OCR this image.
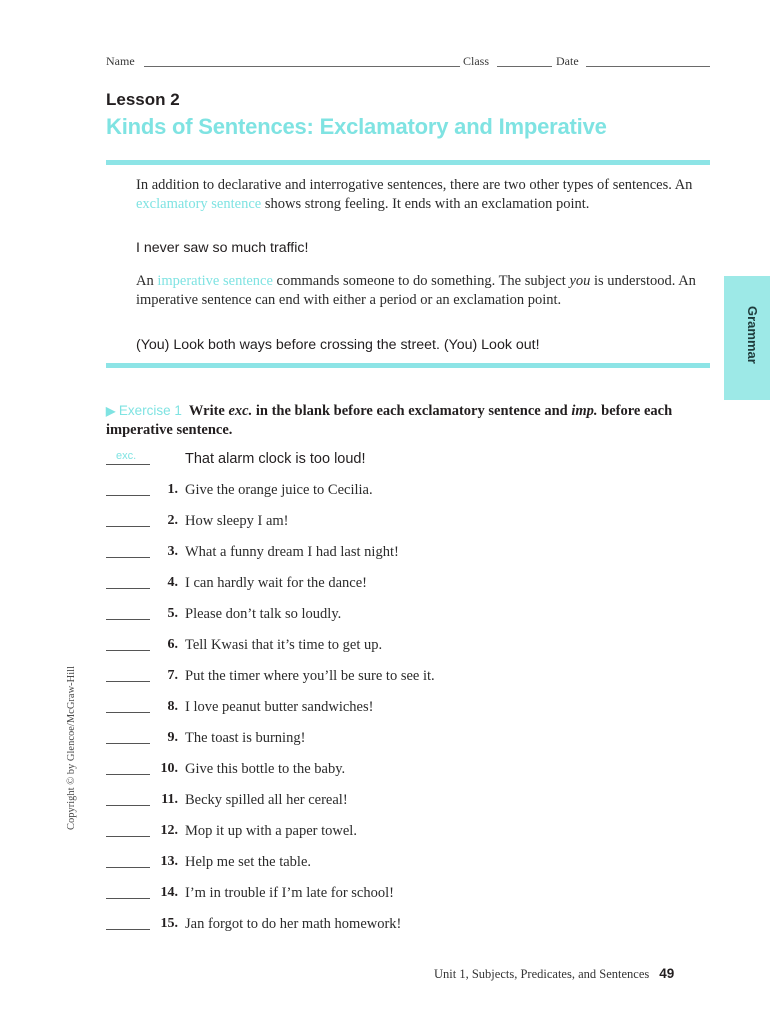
Name	Class	Date
Lesson 2
Kinds of Sentences: Exclamatory and Imperative
In addition to declarative and interrogative sentences, there are two other types of sentences. An exclamatory sentence shows strong feeling. It ends with an exclamation point.
I never saw so much traffic!
An imperative sentence commands someone to do something. The subject you is understood. An imperative sentence can end with either a period or an exclamation point.
(You) Look both ways before crossing the street. (You) Look out!	Grammar
Copyright © by Glencoe/McGraw-Hill
▶ Exercise 1 Write exc. in the blank before each exclamatory sentence and imp. before each imperative sentence.
exc.	That alarm clock is too loud!
1. Give the orange juice to Cecilia.
2. How sleepy I am!
3. What a funny dream I had last night!
4. I can hardly wait for the dance!
5. Please don’t talk so loudly.
6. Tell Kwasi that it’s time to get up.
7. Put the timer where you’ll be sure to see it.
8. I love peanut butter sandwiches!
9. The toast is burning!
10. Give this bottle to the baby.
11. Becky spilled all her cereal!
12. Mop it up with a paper towel.
13. Help me set the table.
14. I’m in trouble if I’m late for school!
15. Jan forgot to do her math homework!
Unit 1, Subjects, Predicates, and Sentences 49
